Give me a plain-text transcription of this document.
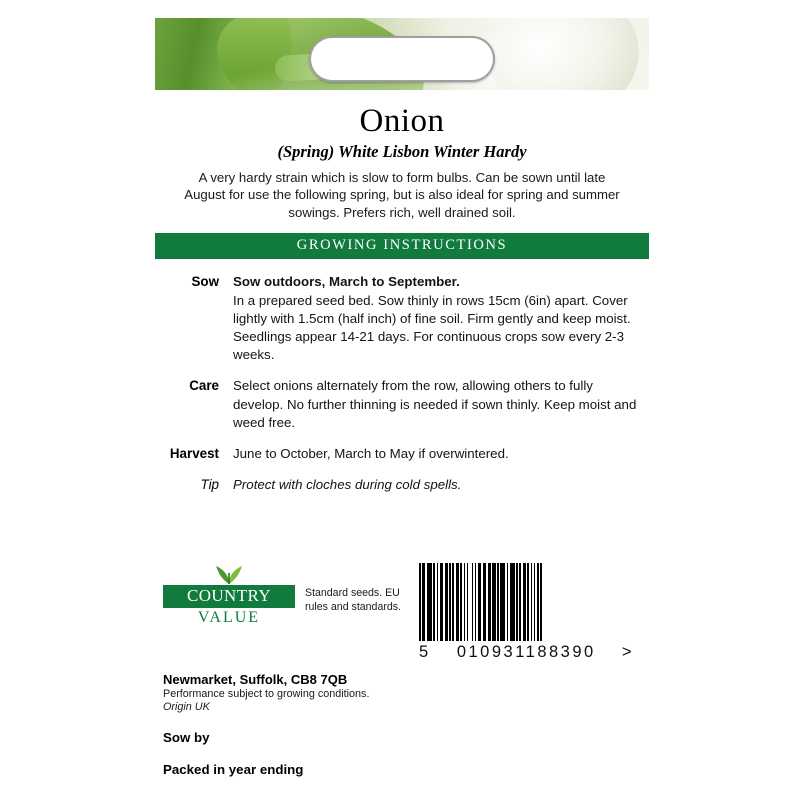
Onion
(Spring) White Lisbon Winter Hardy
A very hardy strain which is slow to form bulbs. Can be sown until late August for use the following spring, but is also ideal for spring and summer sowings. Prefers rich, well drained soil.
GROWING INSTRUCTIONS
Sow	Sow outdoors, March to September.
In a prepared seed bed. Sow thinly in rows 15cm (6in) apart. Cover lightly with 1.5cm (half inch) of fine soil. Firm gently and keep moist. Seedlings appear 14-21 days. For continuous crops sow every 2-3 weeks.
Care	Select onions alternately from the row, allowing others to fully develop. No further thinning is needed if sown thinly. Keep moist and weed free.
Harvest	June to October, March to May if overwintered.
Tip	Protect with cloches during cold spells.
COUNTRY
VALUE
Standard seeds. EU rules and standards.
5 010931188390 >
Newmarket, Suffolk, CB8 7QB
Performance subject to growing conditions.
Origin UK
Sow by
Packed in year ending
